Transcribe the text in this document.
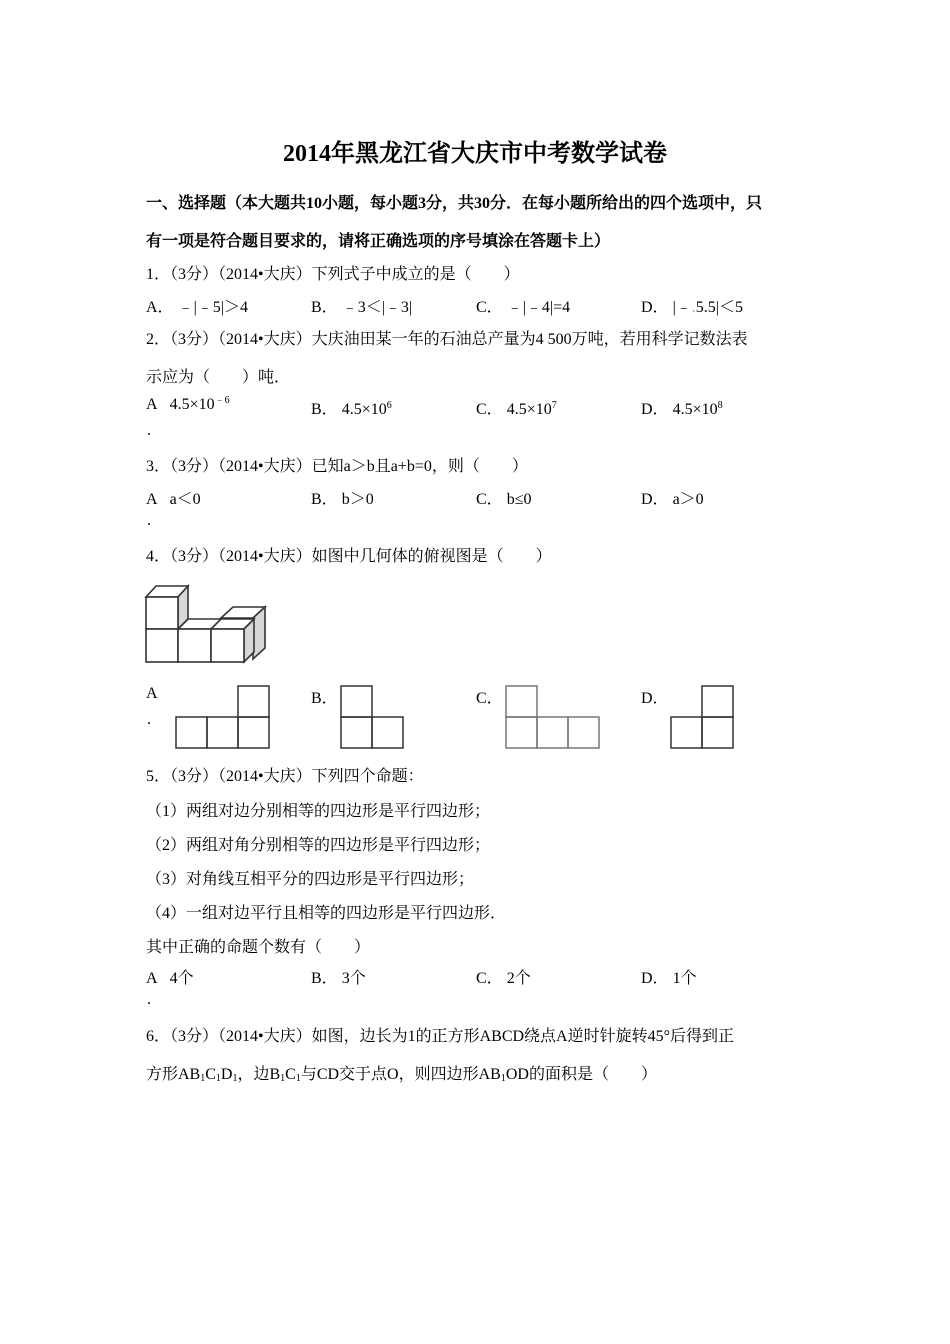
2014年黑龙江省大庆市中考数学试卷
一、选择题（本大题共10小题，每小题3分，共30分．在每小题所给出的四个选项中，只
有一项是符合题目要求的，请将正确选项的序号填涂在答题卡上）
1．（3分）（2014•大庆）下列式子中成立的是（　　）
A． ﹣|﹣5|＞4	B． ﹣3＜|﹣3|	C． ﹣|﹣4|=4	D． |﹣.5.5|＜5
2．（3分）（2014•大庆）大庆油田某一年的石油总产量为4 500万吨，若用科学记数法表
示应为（　　）吨．
A $4.5\times 10^{﹣6}$
.
B． $4.5\times 10^6$	C． $4.5\times 10^7$	D． $4.5\times 10^8$
3．（3分）（2014•大庆）已知a＞b且a+b=0，则（　　）
A a＜0
.
B． b＞0	C． b≤0	D． a＞0
4．（3分）（2014•大庆）如图中几何体的俯视图是（　　）
A
.
B．	C．	D．
5．（3分）（2014•大庆）下列四个命题：
（1）两组对边分别相等的四边形是平行四边形；
（2）两组对角分别相等的四边形是平行四边形；
（3）对角线互相平分的四边形是平行四边形；
（4）一组对边平行且相等的四边形是平行四边形．
其中正确的命题个数有（　　）
A 4个
.
B． 3个	C． 2个	D． 1个
6．（3分）（2014•大庆）如图，边长为1的正方形ABCD绕点A逆时针旋转45°后得到正
方形$AB_1C_1D_1$，边$B_1C_1$与CD交于点O，则四边形$AB_1OD$的面积是（　　）
